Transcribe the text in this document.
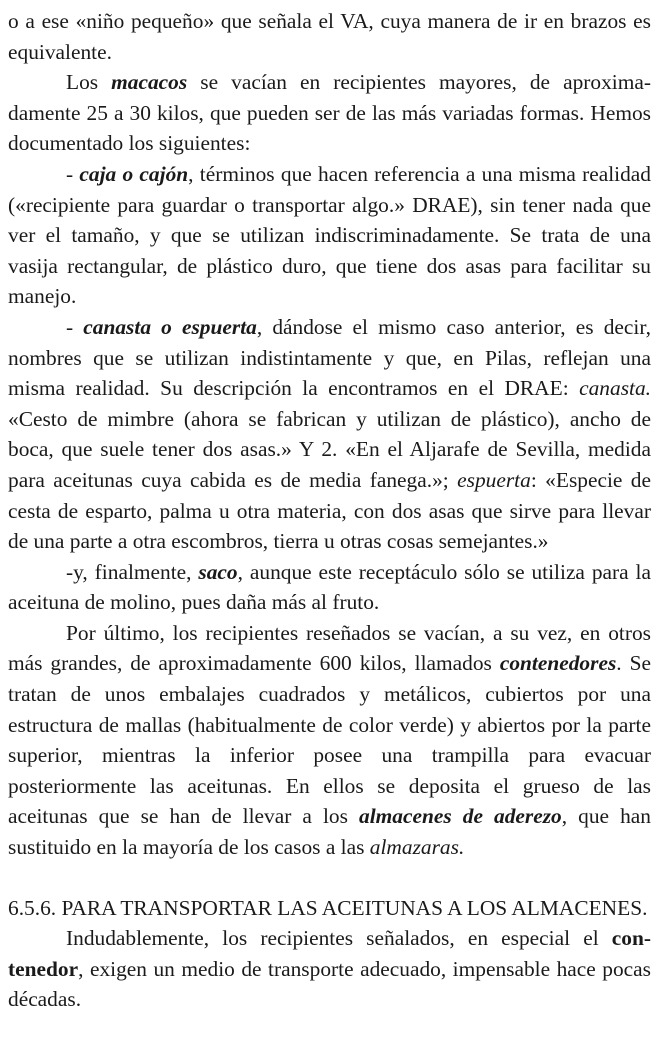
o a ese «niño pequeño» que señala el VA, cuya manera de ir en brazos es equivalente.

Los macacos se vacían en recipientes mayores, de aproximadamente 25 a 30 kilos, que pueden ser de las más variadas formas. Hemos documentado los siguientes:

- caja o cajón, términos que hacen referencia a una misma realidad («recipiente para guardar o transportar algo.» DRAE), sin tener nada que ver el tamaño, y que se utilizan indiscriminadamente. Se trata de una vasija rectangular, de plástico duro, que tiene dos asas para facilitar su manejo.

- canasta o espuerta, dándose el mismo caso anterior, es decir, nombres que se utilizan indistintamente y que, en Pilas, reflejan una misma realidad. Su descripción la encontramos en el DRAE: canasta. «Cesto de mimbre (ahora se fabrican y utilizan de plástico), ancho de boca, que suele tener dos asas.» Y 2. «En el Aljarafe de Sevilla, medida para aceitunas cuya cabida es de media fanega.»; espuerta: «Especie de cesta de esparto, palma u otra materia, con dos asas que sirve para llevar de una parte a otra escombros, tierra u otras cosas semejantes.»

-y, finalmente, saco, aunque este receptáculo sólo se utiliza para la aceituna de molino, pues daña más al fruto.

Por último, los recipientes reseñados se vacían, a su vez, en otros más grandes, de aproximadamente 600 kilos, llamados contenedores. Se tratan de unos embalajes cuadrados y metálicos, cubiertos por una estructura de mallas (habitualmente de color verde) y abiertos por la parte superior, mientras la inferior posee una trampilla para evacuar posteriormente las aceitunas. En ellos se deposita el grueso de las aceitunas que se han de llevar a los almacenes de aderezo, que han sustituido en la mayoría de los casos a las almazaras.

6.5.6. PARA TRANSPORTAR LAS ACEITUNAS A LOS ALMACENES.

Indudablemente, los recipientes señalados, en especial el contenedor, exigen un medio de transporte adecuado, impensable hace pocas décadas.
